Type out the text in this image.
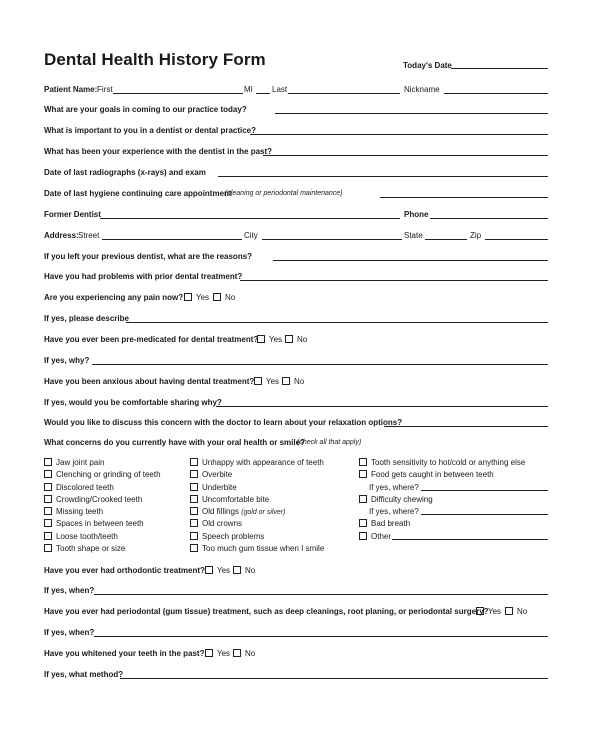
Dental Health History Form	Today's Date
Patient Name: First	MI Last	Nickname
What are your goals in coming to our practice today?
What is important to you in a dentist or dental practice?
What has been your experience with the dentist in the past?
Date of last radiographs (x-rays) and exam
Date of last hygiene continuing care appointment
(cleaning or periodontal maintenance)
Former Dentist	Phone
Address: Street	City	State	Zip
If you left your previous dentist, what are the reasons?
Have you had problems with prior dental treatment?
Are you experiencing any pain now?	Yes	No
If yes, please describe
Have you ever been pre-medicated for dental treatment?	Yes	No
If yes, why?
Have you been anxious about having dental treatment?	Yes	No
If yes, would you be comfortable sharing why?
Would you like to discuss this concern with the doctor to learn about your relaxation options?
What concerns do you currently have with your oral health or smile?
(check all that apply)
Jaw joint pain
Clenching or grinding of teeth
Discolored teeth
Crowding/Crooked teeth
Missing teeth
Spaces in between teeth
Loose tooth/teeth
Tooth shape or size
Unhappy with appearance of teeth
Overbite
Underbite
Uncomfortable bite
Old fillings (gold or silver)
Old crowns
Speech problems
Too much gum tissue when I smile
Tooth sensitivity to hot/cold or anything else
Food gets caught in between teeth
If yes, where?
Difficulty chewing
If yes, where?
Bad breath
Other
Have you ever had orthodontic treatment?	Yes	No
If yes, when?
Have you ever had periodontal (gum tissue) treatment, such as deep cleanings, root planing, or periodontal surgery? Yes	No
If yes, when?
Have you whitened your teeth in the past?	Yes	No
If yes, what method?
